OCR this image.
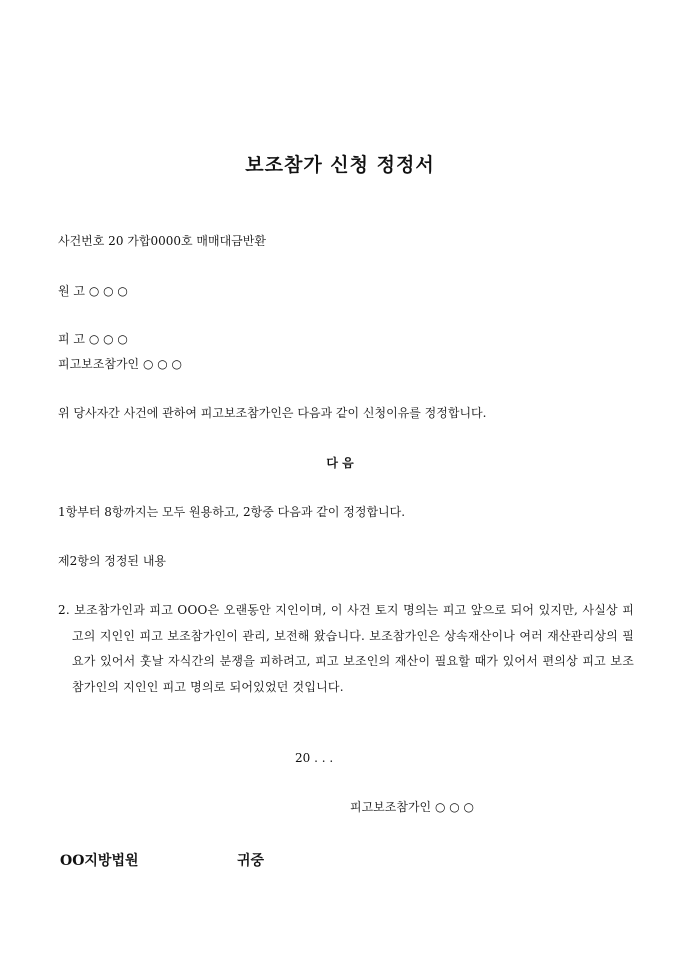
보조참가 신청 정정서
사건번호 20 가합0000호 매매대금반환
원 고 ○ ○ ○
피 고 ○ ○ ○
피고보조참가인 ○ ○ ○
위 당사자간 사건에 관하여 피고보조참가인은 다음과 같이 신청이유를 정정합니다.
다 음
1항부터 8항까지는 모두 원용하고, 2항중 다음과 같이 정정합니다.
제2항의 정정된 내용
2. 보조참가인과 피고 OOO은 오랜동안 지인이며, 이 사건 토지 명의는 피고 앞으로 되어 있지만, 사실상 피고의 지인인 피고 보조참가인이 관리, 보전해 왔습니다. 보조참가인은 상속재산이나 여러 재산관리상의 필요가 있어서 훗날 자식간의 분쟁을 피하려고, 피고 보조인의 재산이 필요할 때가 있어서 편의상 피고 보조참가인의 지인인 피고 명의로 되어있었던 것입니다.
20 . . .
피고보조참가인 ○ ○ ○
OO지방법원	귀중
